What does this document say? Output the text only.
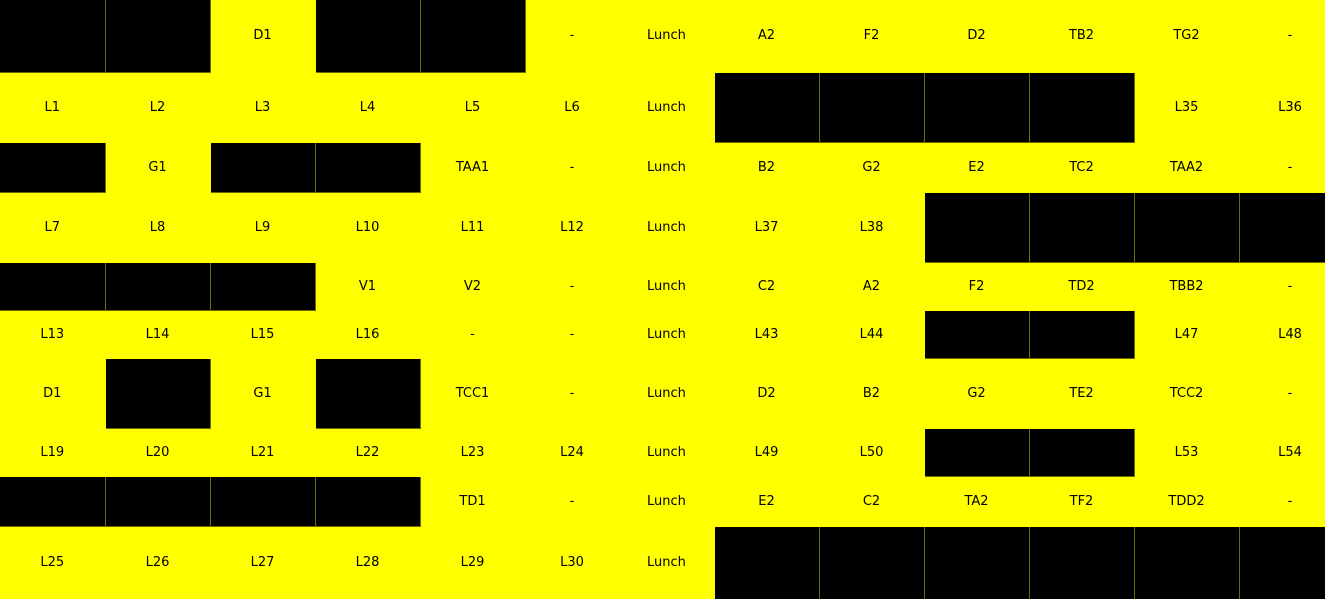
		D1			-	Lunch	A2	F2	D2	TB2	TG2	-
L1	L2	L3	L4	L5	L6	Lunch					L35	L36
	G1			TAA1	-	Lunch	B2	G2	E2	TC2	TAA2	-
L7	L8	L9	L10	L11	L12	Lunch	L37	L38				
			V1	V2	-	Lunch	C2	A2	F2	TD2	TBB2	-
L13	L14	L15	L16	-	-	Lunch	L43	L44			L47	L48
D1		G1		TCC1	-	Lunch	D2	B2	G2	TE2	TCC2	-
L19	L20	L21	L22	L23	L24	Lunch	L49	L50			L53	L54
				TD1	-	Lunch	E2	C2	TA2	TF2	TDD2	-
L25	L26	L27	L28	L29	L30	Lunch						
